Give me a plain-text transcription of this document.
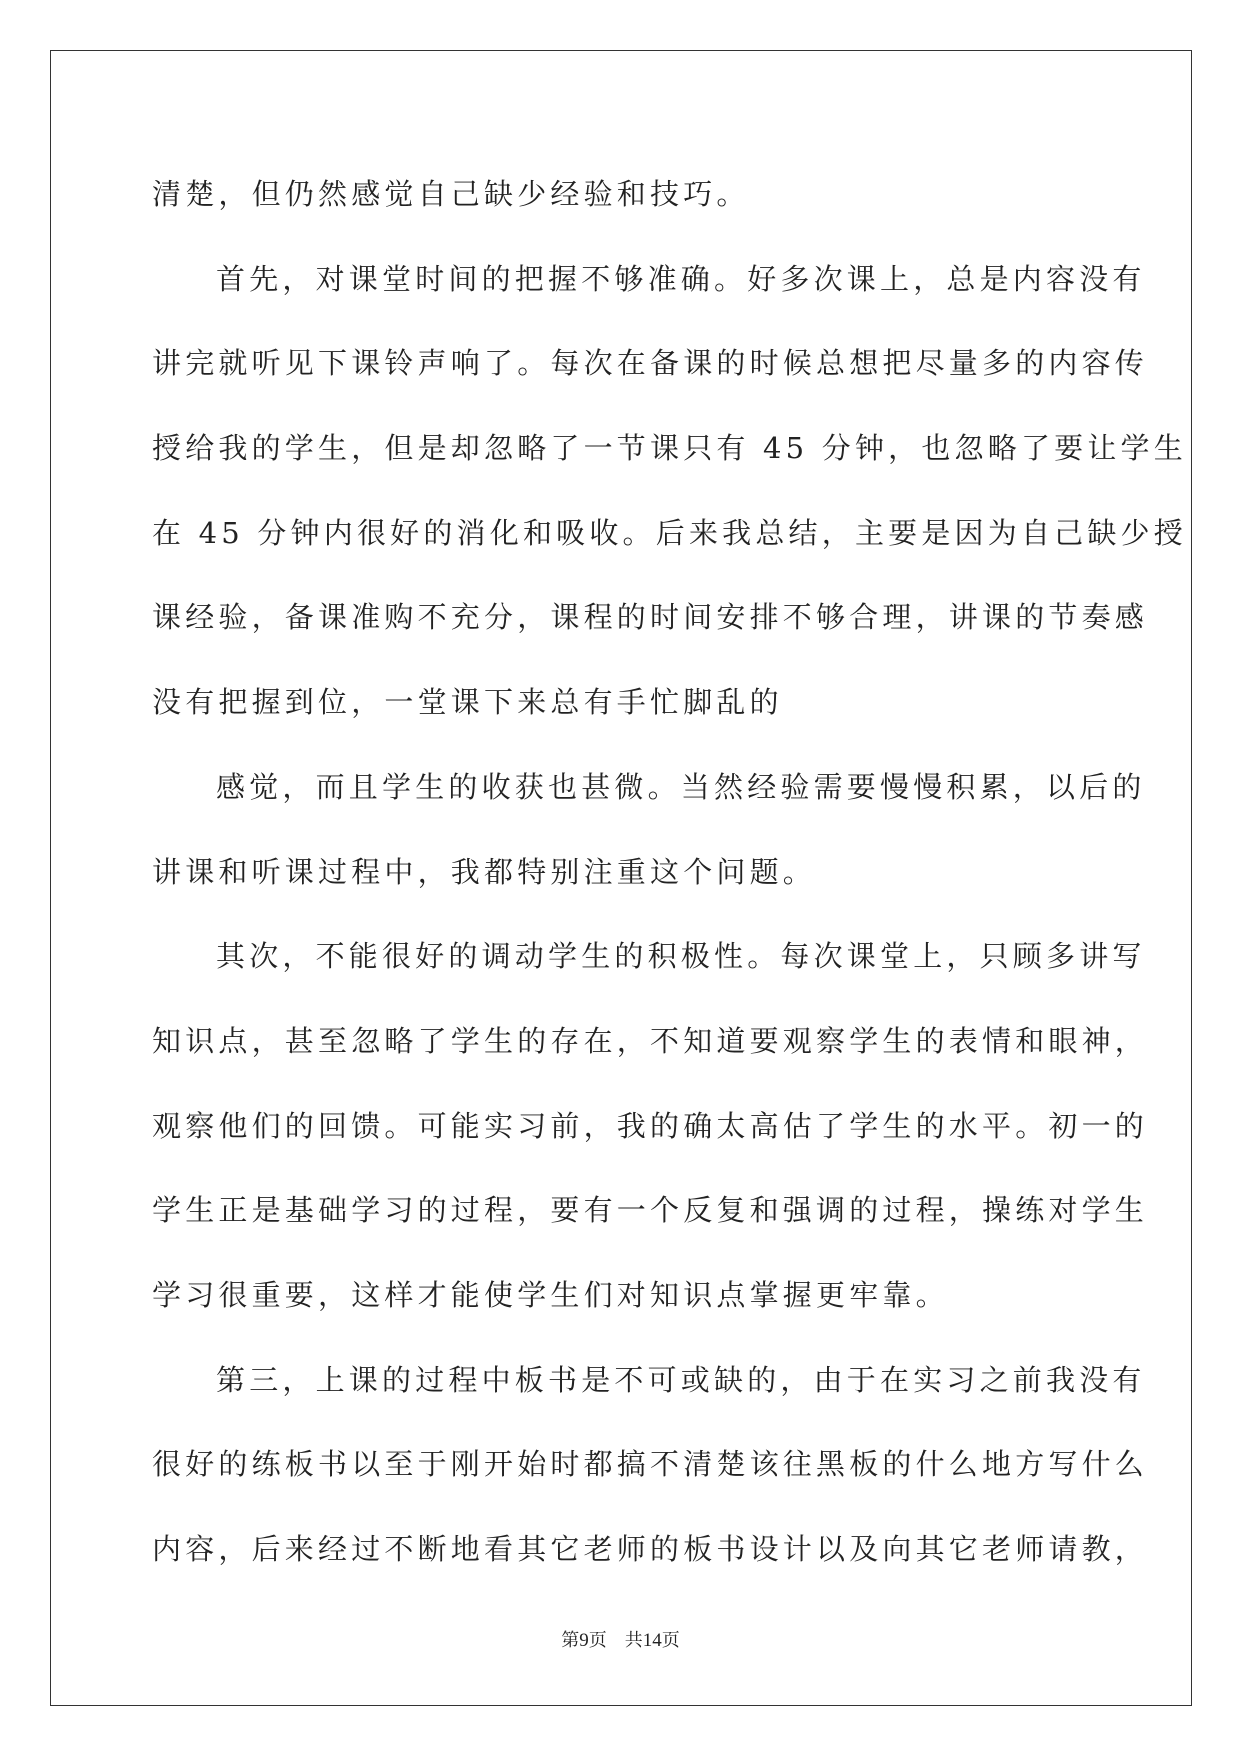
清楚，但仍然感觉自己缺少经验和技巧。
首先，对课堂时间的把握不够准确。好多次课上，总是内容没有
讲完就听见下课铃声响了。每次在备课的时候总想把尽量多的内容传
授给我的学生，但是却忽略了一节课只有 45 分钟，也忽略了要让学生
在 45 分钟内很好的消化和吸收。后来我总结，主要是因为自己缺少授
课经验，备课准购不充分，课程的时间安排不够合理，讲课的节奏感
没有把握到位，一堂课下来总有手忙脚乱的
感觉，而且学生的收获也甚微。当然经验需要慢慢积累，以后的
讲课和听课过程中，我都特别注重这个问题。
其次，不能很好的调动学生的积极性。每次课堂上，只顾多讲写
知识点，甚至忽略了学生的存在，不知道要观察学生的表情和眼神，
观察他们的回馈。可能实习前，我的确太高估了学生的水平。初一的
学生正是基础学习的过程，要有一个反复和强调的过程，操练对学生
学习很重要，这样才能使学生们对知识点掌握更牢靠。
第三，上课的过程中板书是不可或缺的，由于在实习之前我没有
很好的练板书以至于刚开始时都搞不清楚该往黑板的什么地方写什么
内容，后来经过不断地看其它老师的板书设计以及向其它老师请教，
第9页 共14页
